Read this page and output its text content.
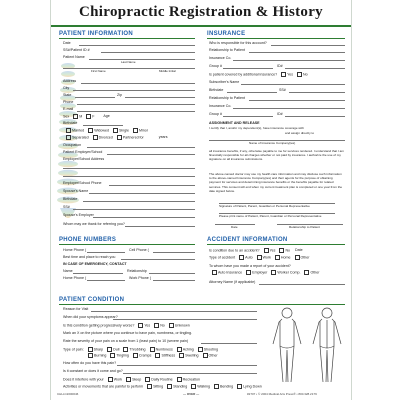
Chiropractic Registration & History
PATIENT INFORMATION
Date
SS#/Patient ID #
Patient Name
Last Name
First Name	Middle Initial
Address
City
State	Zip
Phone
E-mail
Sex	M	F	Age
Birthdate
Married	Widowed	Single	Minor
Separated	Divorced	Partnered for	years
Occupation
Patient Employer/School
Employer/School Address
Employer/School Phone
Spouse's Name
Birthdate
SS#
Spouse's Employer
Whom may we thank for referring you?
INSURANCE
Who is responsible for this account?
Relationship to Patient
Insurance Co.
Group #	ID#
Is patient covered by additional insurance?	Yes	No
Subscriber's Name
Birthdate	SS#
Relationship to Patient
Insurance Co.
Group #	ID#
ASSIGNMENT AND RELEASE
I certify that I, and/or my dependent(s), have insurance coverage with
and assign directly to
Name of Insurance Company(ies)
all insurance benefits, if any, otherwise payable to me for services rendered. I understand that I am financially responsible for all charges whether or not paid by insurance. I authorize the use of my signature on all insurance submissions.
The above-named doctor may use my health care information and may disclose such information to the above-named Insurance Company(ies) and their agents for the purpose of obtaining payment for services and determining insurance benefits or the benefits payable for related services. This consent will end when my current treatment plan is completed or one year from the date signed below.
Signature of Patient, Parent, Guardian or Personal Representative
Please print name of Patient, Parent, Guardian or Personal Representative
Date	Relationship to Patient
PHONE NUMBERS
Home Phone (	Cell Phone (
Best time and place to reach you
IN CASE OF EMERGENCY, CONTACT
Name	Relationship
Home Phone (	Work Phone (
ACCIDENT INFORMATION
Is condition due to an accident?	Yes	No Date
Type of accident	Auto	Work	Home	Other
To whom have you made a report of your accident?
Auto Insurance	Employer	Worker Comp.	Other
Attorney Name (if applicable)
PATIENT CONDITION
Reason for Visit
When did your symptoms appear?
Is this condition getting progressively worse?	Yes	No	Unknown
Mark an X on the picture where you continue to have pain, numbness, or tingling.
Rate the severity of your pain on a scale from 1 (least pain) to 10 (severe pain)
Type of pain:	Sharp	Dull	Throbbing	Numbness	Aching	Shooting
Burning	Tingling	Cramps	Stiffness	Swelling	Other
How often do you have this pain?
Is it constant or does it come and go?
Does it interfere with your	Work	Sleep	Daily Routine	Recreation
Activities or movements that are painful to perform	Sitting	Standing	Walking	Bending	Lying Down
CHH-C2000046	— OVER —	#2707 • © 2004 Medical Arts Press® • 800.328.2179
